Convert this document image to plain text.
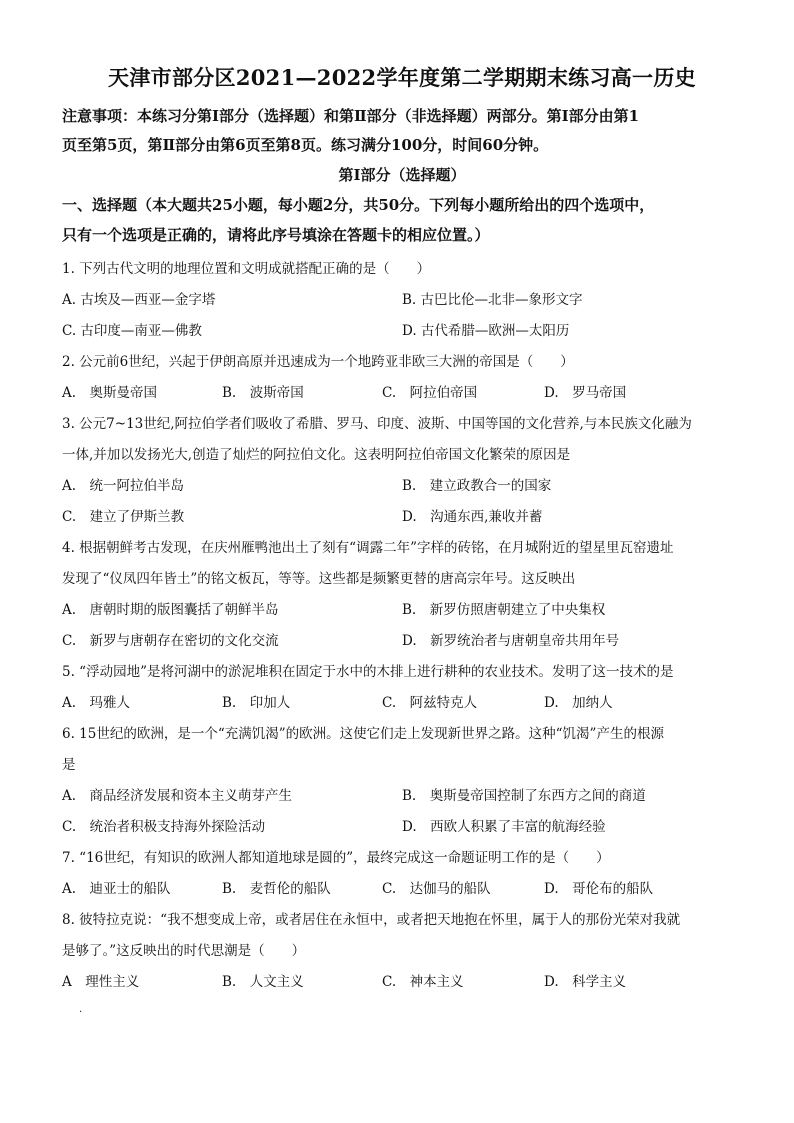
天津市部分区2021—2022学年度第二学期期末练习高一历史

注意事项：本练习分第Ⅰ部分（选择题）和第Ⅱ部分（非选择题）两部分。第Ⅰ部分由第1

页至第5页，第Ⅱ部分由第6页至第8页。练习满分100分，时间60分钟。

第Ⅰ部分（选择题）

一、选择题（本大题共25小题，每小题2分，共50分。下列每小题所给出的四个选项中，

只有一个选项是正确的，请将此序号填涂在答题卡的相应位置。）

1. 下列古代文明的地理位置和文明成就搭配正确的是（　　）

A. 古埃及—西亚—金字塔	B. 古巴比伦—北非—象形文字
C. 古印度—南亚—佛教	D. 古代希腊—欧洲—太阳历

2. 公元前6世纪，兴起于伊朗高原并迅速成为一个地跨亚非欧三大洲的帝国是（　　）

A.　奥斯曼帝国	B.　波斯帝国	C.　阿拉伯帝国	D.　罗马帝国

3. 公元7~13世纪,阿拉伯学者们吸收了希腊、罗马、印度、波斯、中国等国的文化营养,与本民族文化融为

一体,并加以发扬光大,创造了灿烂的阿拉伯文化。这表明阿拉伯帝国文化繁荣的原因是

A.　统一阿拉伯半岛	B.　建立政教合一的国家
C.　建立了伊斯兰教	D.　沟通东西,兼收并蓄

4. 根据朝鲜考古发现，在庆州雁鸭池出土了刻有“调露二年”字样的砖铭，在月城附近的望星里瓦窑遗址

发现了“仪凤四年皆土”的铭文板瓦，等等。这些都是频繁更替的唐高宗年号。这反映出

A.　唐朝时期的版图囊括了朝鲜半岛	B.　新罗仿照唐朝建立了中央集权
C.　新罗与唐朝存在密切的文化交流	D.　新罗统治者与唐朝皇帝共用年号

5. “浮动园地”是将河湖中的淤泥堆积在固定于水中的木排上进行耕种的农业技术。发明了这一技术的是

A.　玛雅人	B.　印加人	C.　阿兹特克人	D.　加纳人

6. 15世纪的欧洲，是一个“充满饥渴”的欧洲。这使它们走上发现新世界之路。这种“饥渴”产生的根源

是

A.　商品经济发展和资本主义萌芽产生	B.　奥斯曼帝国控制了东西方之间的商道
C.　统治者积极支持海外探险活动	D.　西欧人积累了丰富的航海经验

7. “16世纪，有知识的欧洲人都知道地球是圆的”，最终完成这一命题证明工作的是（　　）

A.　迪亚士的船队	B.　麦哲伦的船队	C.　达伽马的船队	D.　哥伦布的船队

8. 彼特拉克说：“我不想变成上帝，或者居住在永恒中，或者把天地抱在怀里，属于人的那份光荣对我就

是够了。”这反映出的时代思潮是（　　）

A　理性主义	B.　人文主义	C.　神本主义	D.　科学主义
.
